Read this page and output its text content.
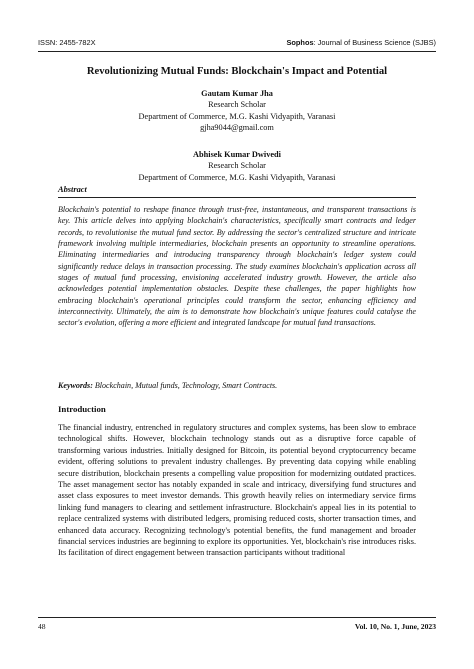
ISSN: 2455-782X	Sophos: Journal of Business Science (SJBS)
Revolutionizing Mutual Funds: Blockchain's Impact and Potential
Gautam Kumar Jha
Research Scholar
Department of Commerce, M.G. Kashi Vidyapith, Varanasi
gjha9044@gmail.com
Abhisek Kumar Dwivedi
Research Scholar
Department of Commerce, M.G. Kashi Vidyapith, Varanasi
Abstract
Blockchain's potential to reshape finance through trust-free, instantaneous, and transparent transactions is key. This article delves into applying blockchain's characteristics, specifically smart contracts and ledger records, to revolutionise the mutual fund sector. By addressing the sector's centralized structure and intricate framework involving multiple intermediaries, blockchain presents an opportunity to streamline operations. Eliminating intermediaries and introducing transparency through blockchain's ledger system could significantly reduce delays in transaction processing. The study examines blockchain's application across all stages of mutual fund processing, envisioning accelerated industry growth. However, the article also acknowledges potential implementation obstacles. Despite these challenges, the paper highlights how embracing blockchain's operational principles could transform the sector, enhancing efficiency and interconnectivity. Ultimately, the aim is to demonstrate how blockchain's unique features could catalyse the sector's evolution, offering a more efficient and integrated landscape for mutual fund transactions.
Keywords: Blockchain, Mutual funds, Technology, Smart Contracts.
Introduction
The financial industry, entrenched in regulatory structures and complex systems, has been slow to embrace technological shifts. However, blockchain technology stands out as a disruptive force capable of transforming various industries. Initially designed for Bitcoin, its potential beyond cryptocurrency became evident, offering solutions to prevalent industry challenges. By preventing data copying while enabling secure distribution, blockchain presents a compelling value proposition for modernizing outdated practices. The asset management sector has notably expanded in scale and intricacy, diversifying fund structures and asset class exposures to meet investor demands. This growth heavily relies on intermediary service firms linking fund managers to clearing and settlement infrastructure. Blockchain's appeal lies in its potential to replace centralized systems with distributed ledgers, promising reduced costs, shorter transaction times, and enhanced data accuracy. Recognizing technology's potential benefits, the fund management and broader financial services industries are beginning to explore its opportunities. Yet, blockchain's rise introduces risks. Its facilitation of direct engagement between transaction participants without traditional
48	Vol. 10, No. 1, June, 2023
